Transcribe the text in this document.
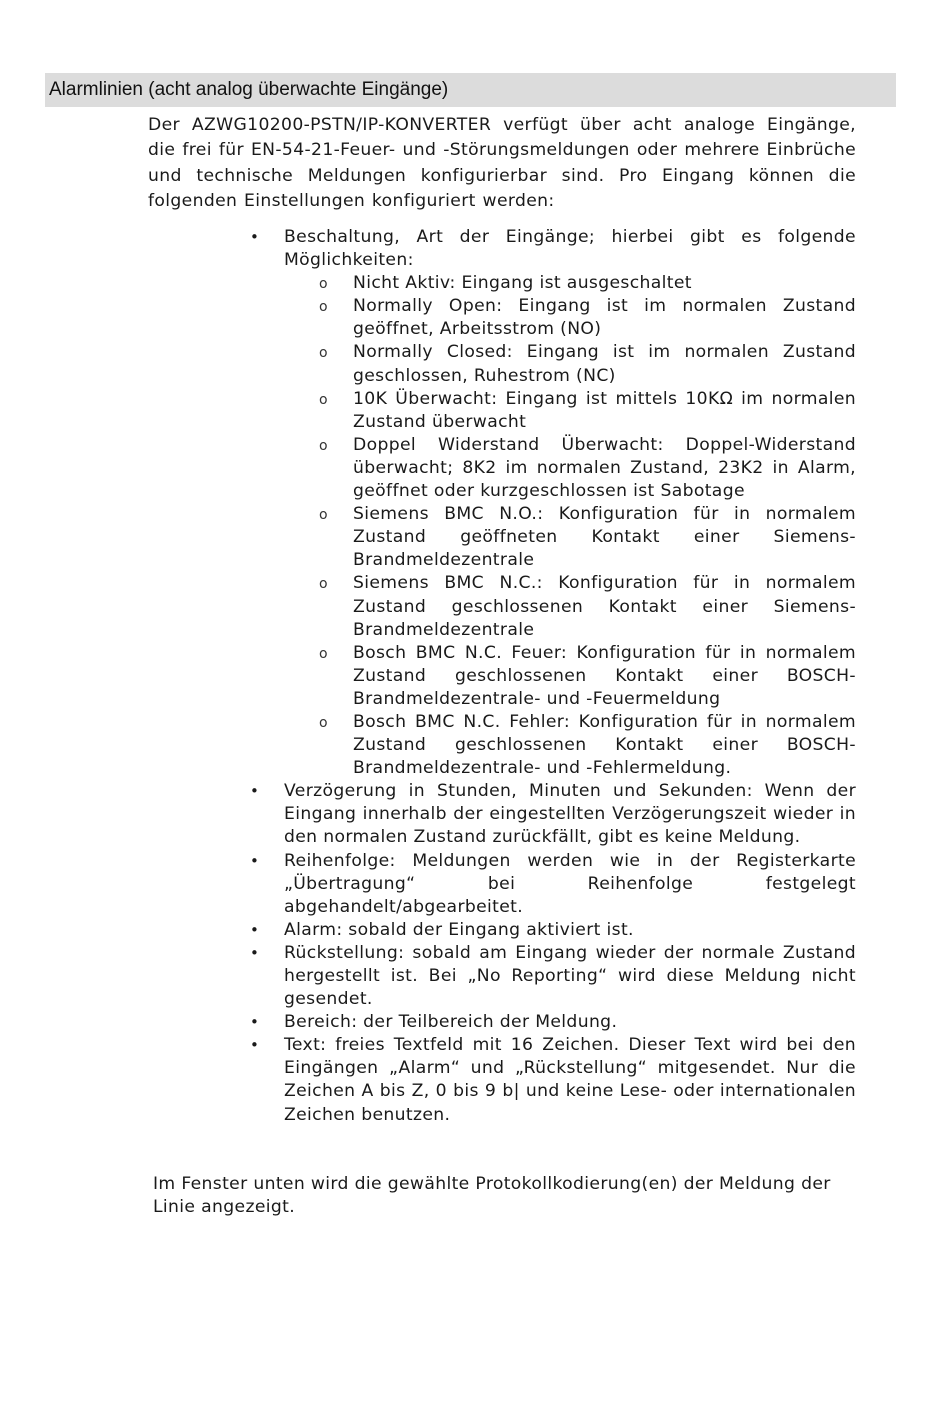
Alarmlinien (acht analog überwachte Eingänge)

Der AZWG10200-PSTN/IP-KONVERTER verfügt über acht analoge Eingänge, die frei für EN-54-21-Feuer- und -Störungsmeldungen oder mehrere Einbrüche und technische Meldungen konfigurierbar sind. Pro Eingang können die folgenden Einstellungen konfiguriert werden:

• Beschaltung, Art der Eingänge; hierbei gibt es folgende Möglichkeiten:
o Nicht Aktiv: Eingang ist ausgeschaltet
o Normally Open: Eingang ist im normalen Zustand geöffnet, Arbeitsstrom (NO)
o Normally Closed: Eingang ist im normalen Zustand geschlossen, Ruhestrom (NC)
o 10K Überwacht: Eingang ist mittels 10KΩ im normalen Zustand überwacht
o Doppel Widerstand Überwacht: Doppel-Widerstand überwacht; 8K2 im normalen Zustand, 23K2 in Alarm, geöffnet oder kurzgeschlossen ist Sabotage
o Siemens BMC N.O.: Konfiguration für in normalem Zustand geöffneten Kontakt einer Siemens-Brandmeldezentrale
o Siemens BMC N.C.: Konfiguration für in normalem Zustand geschlossenen Kontakt einer Siemens-Brandmeldezentrale
o Bosch BMC N.C. Feuer: Konfiguration für in normalem Zustand geschlossenen Kontakt einer BOSCH-Brandmeldezentrale- und -Feuermeldung
o Bosch BMC N.C. Fehler: Konfiguration für in normalem Zustand geschlossenen Kontakt einer BOSCH-Brandmeldezentrale- und -Fehlermeldung.
• Verzögerung in Stunden, Minuten und Sekunden: Wenn der Eingang innerhalb der eingestellten Verzögerungszeit wieder in den normalen Zustand zurückfällt, gibt es keine Meldung.
• Reihenfolge: Meldungen werden wie in der Registerkarte „Übertragung“ bei Reihenfolge festgelegt abgehandelt/abgearbeitet.
• Alarm: sobald der Eingang aktiviert ist.
• Rückstellung: sobald am Eingang wieder der normale Zustand hergestellt ist. Bei „No Reporting“ wird diese Meldung nicht gesendet.
• Bereich: der Teilbereich der Meldung.
• Text: freies Textfeld mit 16 Zeichen. Dieser Text wird bei den Eingängen „Alarm“ und „Rückstellung“ mitgesendet. Nur die Zeichen A bis Z, 0 bis 9 b| und keine Lese- oder internationalen Zeichen benutzen.

Im Fenster unten wird die gewählte Protokollkodierung(en) der Meldung der Linie angezeigt.
